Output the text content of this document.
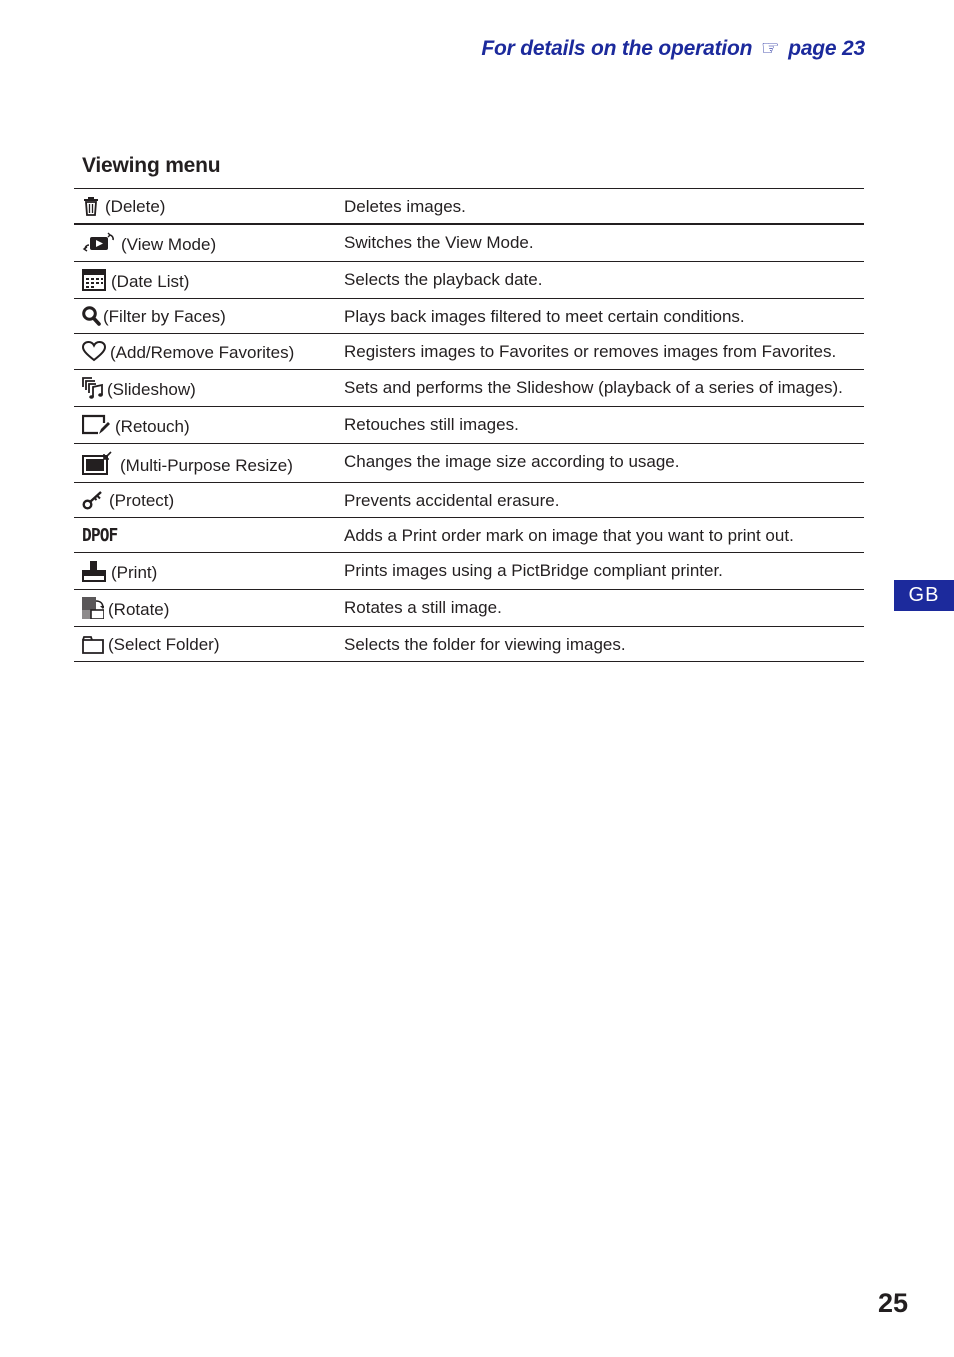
For details on the operation ☞ page 23
Viewing menu
(Delete)	Deletes images.

(View Mode)	Switches the View Mode.

(Date List)	Selects the playback date.

(Filter by Faces)	Plays back images filtered to meet certain conditions.

(Add/Remove Favorites)	Registers images to Favorites or removes images from Favorites.

(Slideshow)	Sets and performs the Slideshow (playback of a series of images).

(Retouch)	Retouches still images.

(Multi-Purpose Resize)	Changes the image size according to usage.

(Protect)	Prevents accidental erasure.
DPOF	Adds a Print order mark on image that you want to print out.

(Print)	Prints images using a PictBridge compliant printer.

(Rotate)	Rotates a still image.

(Select Folder)	Selects the folder for viewing images.
GB
25
